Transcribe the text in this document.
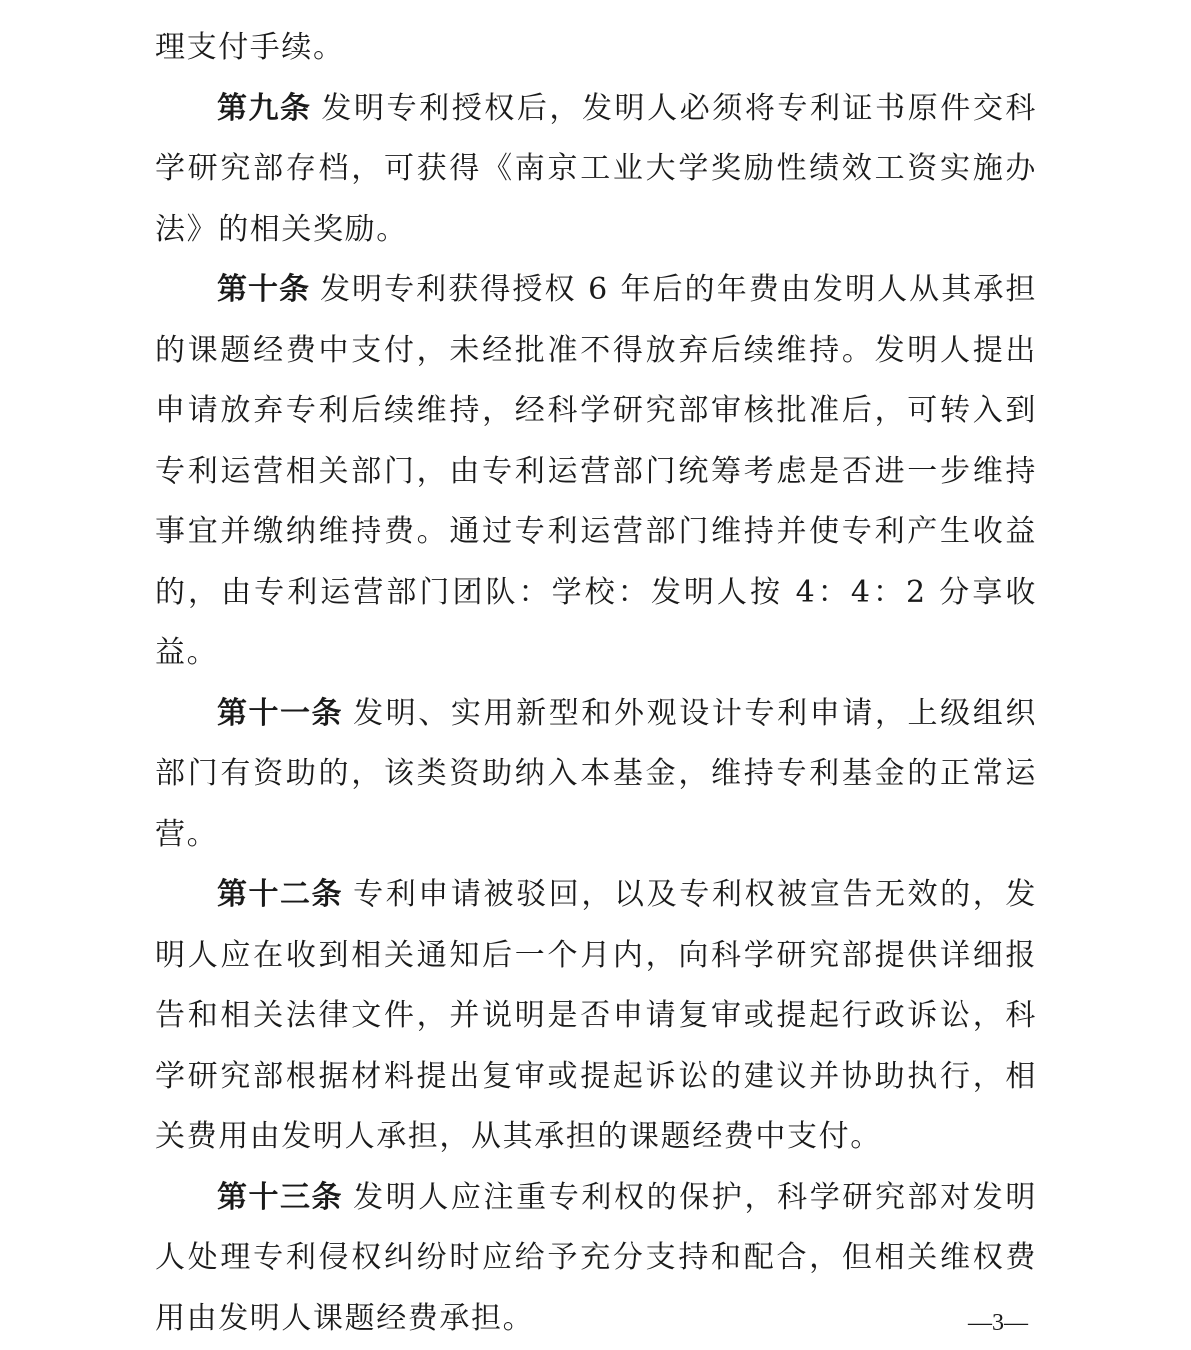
理支付手续。

第九条 发明专利授权后，发明人必须将专利证书原件交科学研究部存档，可获得《南京工业大学奖励性绩效工资实施办法》的相关奖励。

第十条 发明专利获得授权 6 年后的年费由发明人从其承担的课题经费中支付，未经批准不得放弃后续维持。发明人提出申请放弃专利后续维持，经科学研究部审核批准后，可转入到专利运营相关部门，由专利运营部门统筹考虑是否进一步维持事宜并缴纳维持费。通过专利运营部门维持并使专利产生收益的，由专利运营部门团队：学校：发明人按 4：4：2 分享收益。

第十一条 发明、实用新型和外观设计专利申请，上级组织部门有资助的，该类资助纳入本基金，维持专利基金的正常运营。

第十二条 专利申请被驳回，以及专利权被宣告无效的，发明人应在收到相关通知后一个月内，向科学研究部提供详细报告和相关法律文件，并说明是否申请复审或提起行政诉讼，科学研究部根据材料提出复审或提起诉讼的建议并协助执行，相关费用由发明人承担，从其承担的课题经费中支付。

第十三条 发明人应注重专利权的保护，科学研究部对发明人处理专利侵权纠纷时应给予充分支持和配合，但相关维权费用由发明人课题经费承担。	—3—
